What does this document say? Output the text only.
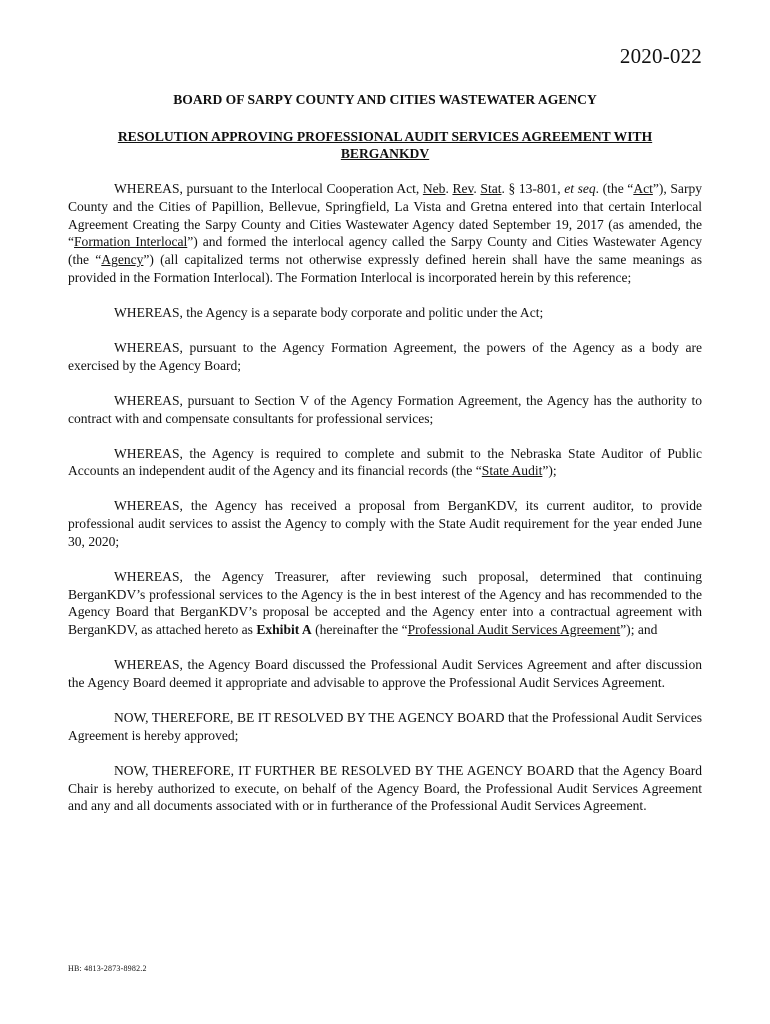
2020-022
BOARD OF SARPY COUNTY AND CITIES WASTEWATER AGENCY
RESOLUTION APPROVING PROFESSIONAL AUDIT SERVICES AGREEMENT WITH
BERGANKDV

WHEREAS, pursuant to the Interlocal Cooperation Act, Neb. Rev. Stat. § 13-801, et seq. (the “Act”), Sarpy County and the Cities of Papillion, Bellevue, Springfield, La Vista and Gretna entered into that certain Interlocal Agreement Creating the Sarpy County and Cities Wastewater Agency dated September 19, 2017 (as amended, the “Formation Interlocal”) and formed the interlocal agency called the Sarpy County and Cities Wastewater Agency (the “Agency”) (all capitalized terms not otherwise expressly defined herein shall have the same meanings as provided in the Formation Interlocal). The Formation Interlocal is incorporated herein by this reference;

WHEREAS, the Agency is a separate body corporate and politic under the Act;

WHEREAS, pursuant to the Agency Formation Agreement, the powers of the Agency as a body are exercised by the Agency Board;

WHEREAS, pursuant to Section V of the Agency Formation Agreement, the Agency has the authority to contract with and compensate consultants for professional services;

WHEREAS, the Agency is required to complete and submit to the Nebraska State Auditor of Public Accounts an independent audit of the Agency and its financial records (the “State Audit”);

WHEREAS, the Agency has received a proposal from BerganKDV, its current auditor, to provide professional audit services to assist the Agency to comply with the State Audit requirement for the year ended June 30, 2020;

WHEREAS, the Agency Treasurer, after reviewing such proposal, determined that continuing BerganKDV’s professional services to the Agency is the in best interest of the Agency and has recommended to the Agency Board that BerganKDV’s proposal be accepted and the Agency enter into a contractual agreement with BerganKDV, as attached hereto as Exhibit A (hereinafter the “Professional Audit Services Agreement”); and

WHEREAS, the Agency Board discussed the Professional Audit Services Agreement and after discussion the Agency Board deemed it appropriate and advisable to approve the Professional Audit Services Agreement.

NOW, THEREFORE, BE IT RESOLVED BY THE AGENCY BOARD that the Professional Audit Services Agreement is hereby approved;

NOW, THEREFORE, IT FURTHER BE RESOLVED BY THE AGENCY BOARD that the Agency Board Chair is hereby authorized to execute, on behalf of the Agency Board, the Professional Audit Services Agreement and any and all documents associated with or in furtherance of the Professional Audit Services Agreement.

HB: 4813-2873-8982.2
